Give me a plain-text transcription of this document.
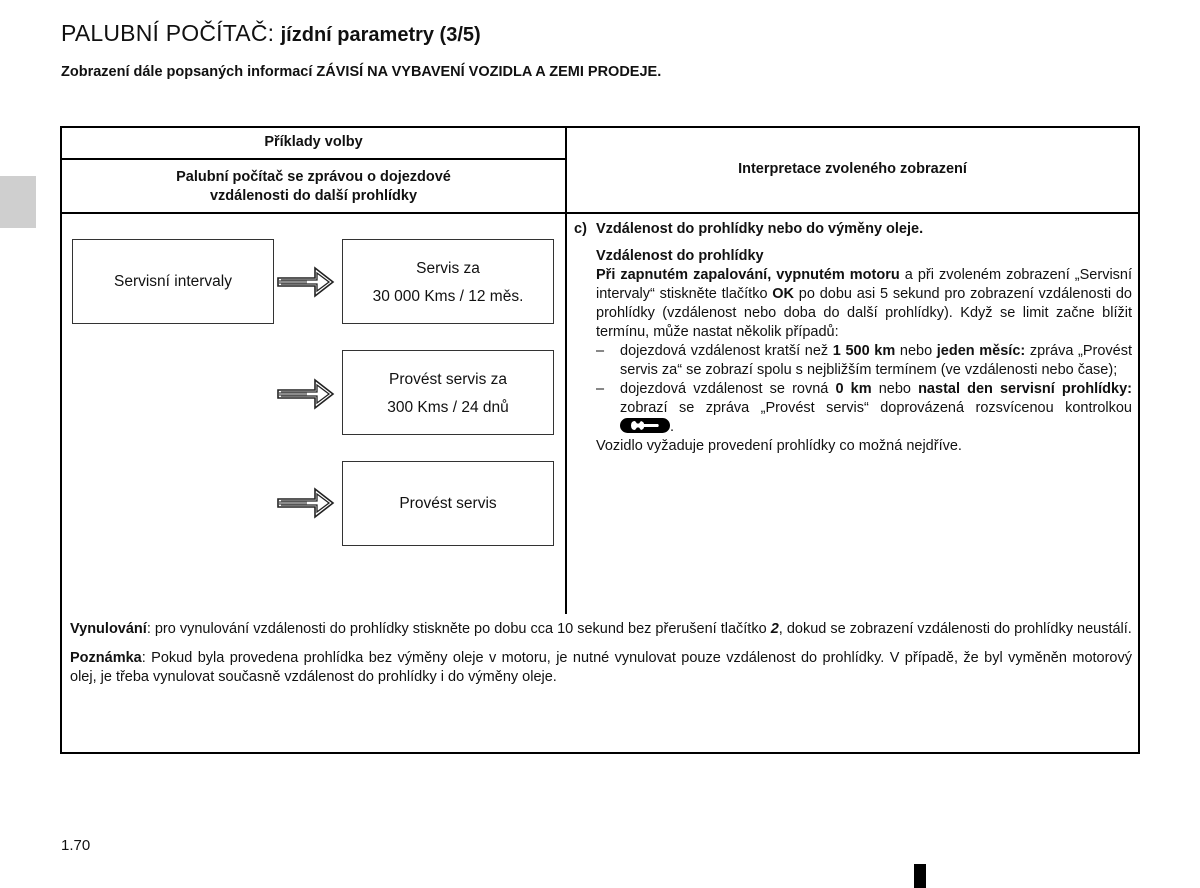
PALUBNÍ POČÍTAČ: jízdní parametry (3/5)
Zobrazení dále popsaných informací ZÁVISÍ NA VYBAVENÍ VOZIDLA A ZEMI PRODEJE.
Příklady volby
Palubní počítač se zprávou o dojezdové
vzdálenosti do další prohlídky
Interpretace zvoleného zobrazení
Servisní intervaly
Servis za
30 000 Kms / 12 měs.
Provést servis za
300 Kms / 24 dnů
Provést servis
c) Vzdálenost do prohlídky nebo do výměny oleje.
Vzdálenost do prohlídky
Při zapnutém zapalování, vypnutém motoru a při zvoleném zobrazení „Servisní intervaly“ stiskněte tlačítko OK po dobu asi 5 sekund pro zobrazení vzdálenosti do prohlídky (vzdálenost nebo doba do další prohlídky). Když se limit začne blížit termínu, může nastat několik případů:
–	dojezdová vzdálenost kratší než 1 500 km nebo jeden měsíc: zpráva „Provést servis za“ se zobrazí spolu s nejbližším termínem (ve vzdálenosti nebo čase);
–	dojezdová vzdálenost se rovná 0 km nebo nastal den servisní prohlídky: zobrazí se zpráva „Provést servis“ doprovázená rozsvícenou kontrolkou
.
Vozidlo vyžaduje provedení prohlídky co možná nejdříve.

Vynulování: pro vynulování vzdálenosti do prohlídky stiskněte po dobu cca 10 sekund bez přerušení tlačítko 2, dokud se zobrazení vzdálenosti do prohlídky neustálí.

Poznámka: Pokud byla provedena prohlídka bez výměny oleje v motoru, je nutné vynulovat pouze vzdálenost do prohlídky. V případě, že byl vyměněn motorový olej, je třeba vynulovat současně vzdálenost do prohlídky i do výměny oleje.

1.70
